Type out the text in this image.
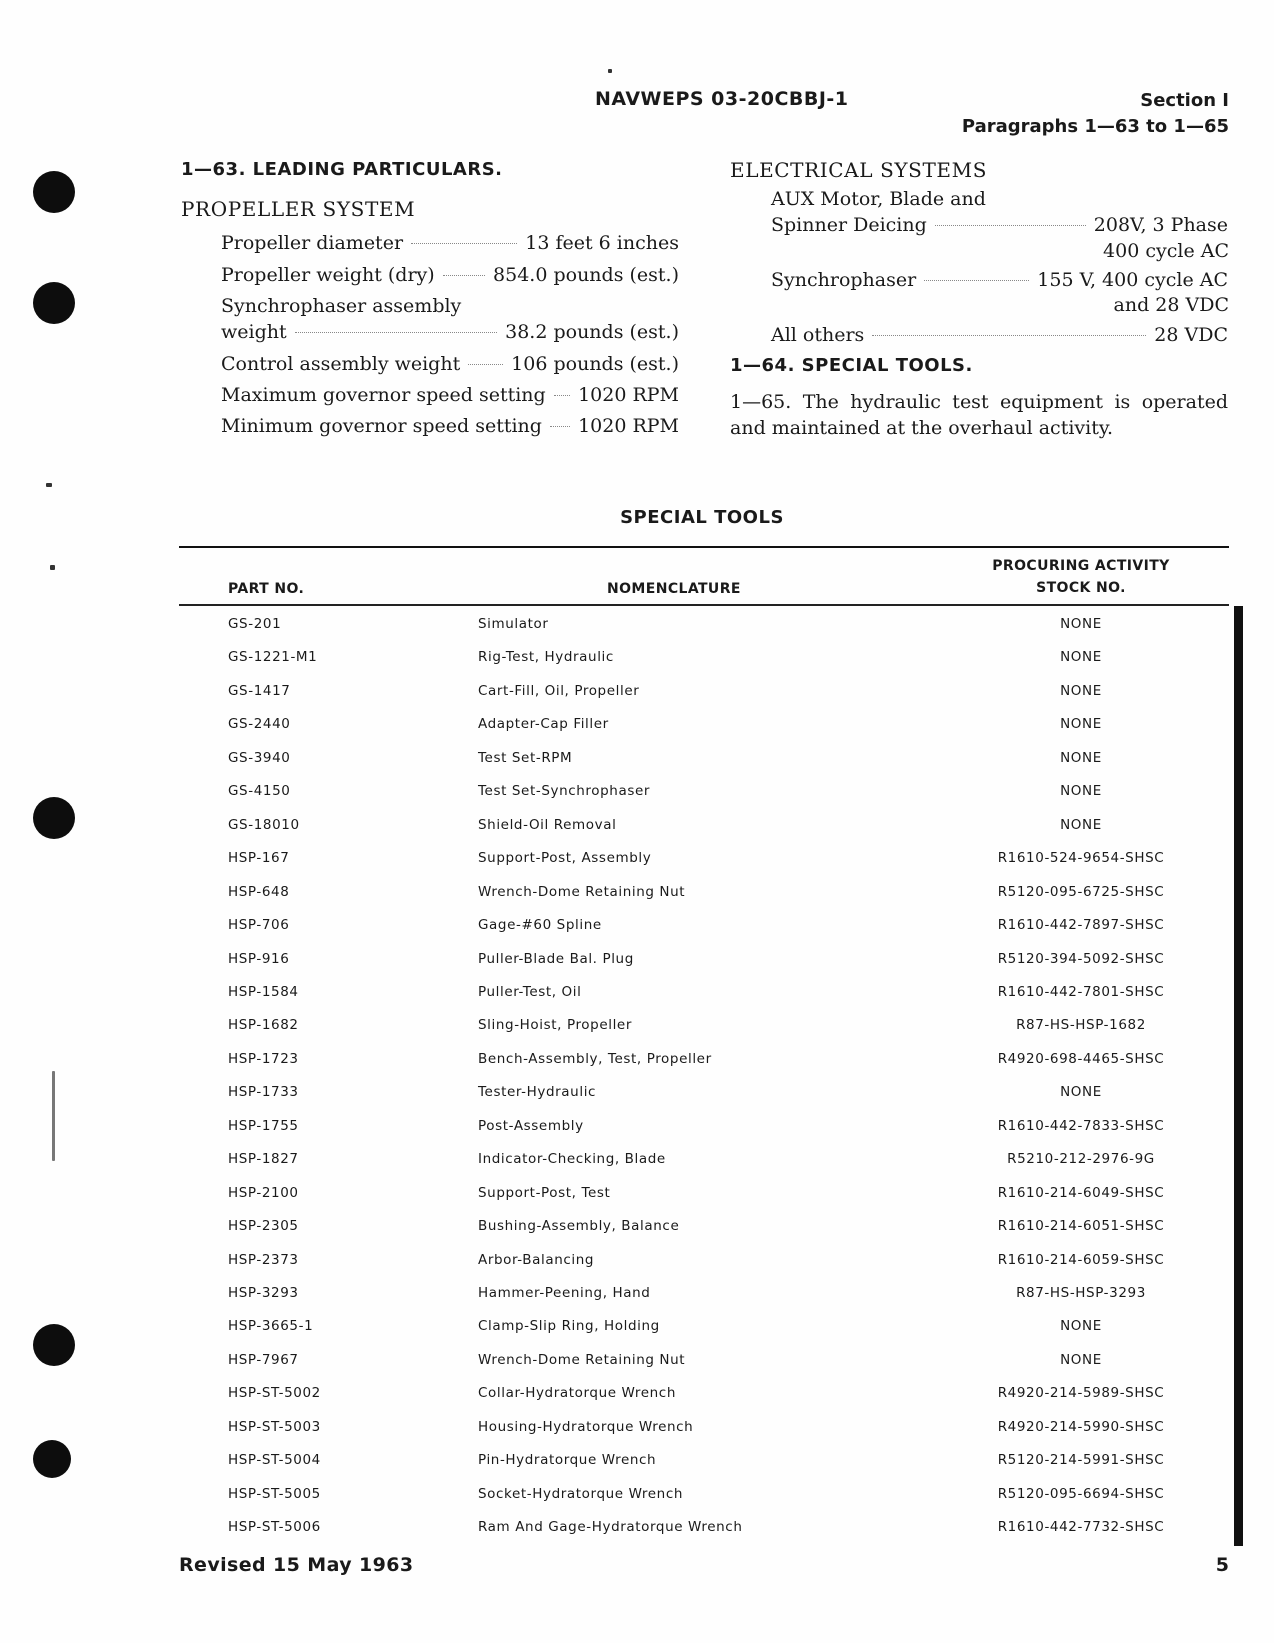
NAVWEPS 03-20CBBJ-1	Section I
Paragraphs 1—63 to 1—65
1—63. LEADING PARTICULARS.
PROPELLER SYSTEM
Propeller diameter	13 feet 6 inches
Propeller weight (dry)	854.0 pounds (est.)
Synchrophaser assembly
weight	38.2 pounds (est.)
Control assembly weight	106 pounds (est.)
Maximum governor speed setting 1020 RPM
Minimum governor speed setting 1020 RPM
ELECTRICAL SYSTEMS
AUX Motor, Blade and
Spinner Deicing	208V, 3 Phase
400 cycle AC
Synchrophaser	155 V, 400 cycle AC
and 28 VDC
All others	28 VDC
1—64. SPECIAL TOOLS.
1—65. The hydraulic test equipment is operated and maintained at the overhaul activity.
SPECIAL TOOLS
PART NO.	NOMENCLATURE
PROCURING ACTIVITY
STOCK NO.
GS-201	Simulator	NONE
GS-1221-M1	Rig-Test, Hydraulic	NONE
GS-1417	Cart-Fill, Oil, Propeller	NONE
GS-2440	Adapter-Cap Filler	NONE
GS-3940	Test Set-RPM	NONE
GS-4150	Test Set-Synchrophaser	NONE
GS-18010	Shield-Oil Removal	NONE
HSP-167	Support-Post, Assembly	R1610-524-9654-SHSC
HSP-648	Wrench-Dome Retaining Nut	R5120-095-6725-SHSC
HSP-706	Gage-#60 Spline	R1610-442-7897-SHSC
HSP-916	Puller-Blade Bal. Plug	R5120-394-5092-SHSC
HSP-1584	Puller-Test, Oil	R1610-442-7801-SHSC
HSP-1682	Sling-Hoist, Propeller	R87-HS-HSP-1682
HSP-1723	Bench-Assembly, Test, Propeller	R4920-698-4465-SHSC
HSP-1733	Tester-Hydraulic	NONE
HSP-1755	Post-Assembly	R1610-442-7833-SHSC
HSP-1827	Indicator-Checking, Blade	R5210-212-2976-9G
HSP-2100	Support-Post, Test	R1610-214-6049-SHSC
HSP-2305	Bushing-Assembly, Balance	R1610-214-6051-SHSC
HSP-2373	Arbor-Balancing	R1610-214-6059-SHSC
HSP-3293	Hammer-Peening, Hand	R87-HS-HSP-3293
HSP-3665-1	Clamp-Slip Ring, Holding	NONE
HSP-7967	Wrench-Dome Retaining Nut	NONE
HSP-ST-5002	Collar-Hydratorque Wrench	R4920-214-5989-SHSC
HSP-ST-5003	Housing-Hydratorque Wrench	R4920-214-5990-SHSC
HSP-ST-5004	Pin-Hydratorque Wrench	R5120-214-5991-SHSC
HSP-ST-5005	Socket-Hydratorque Wrench	R5120-095-6694-SHSC
HSP-ST-5006	Ram And Gage-Hydratorque Wrench	R1610-442-7732-SHSC
Revised 15 May 1963	5
